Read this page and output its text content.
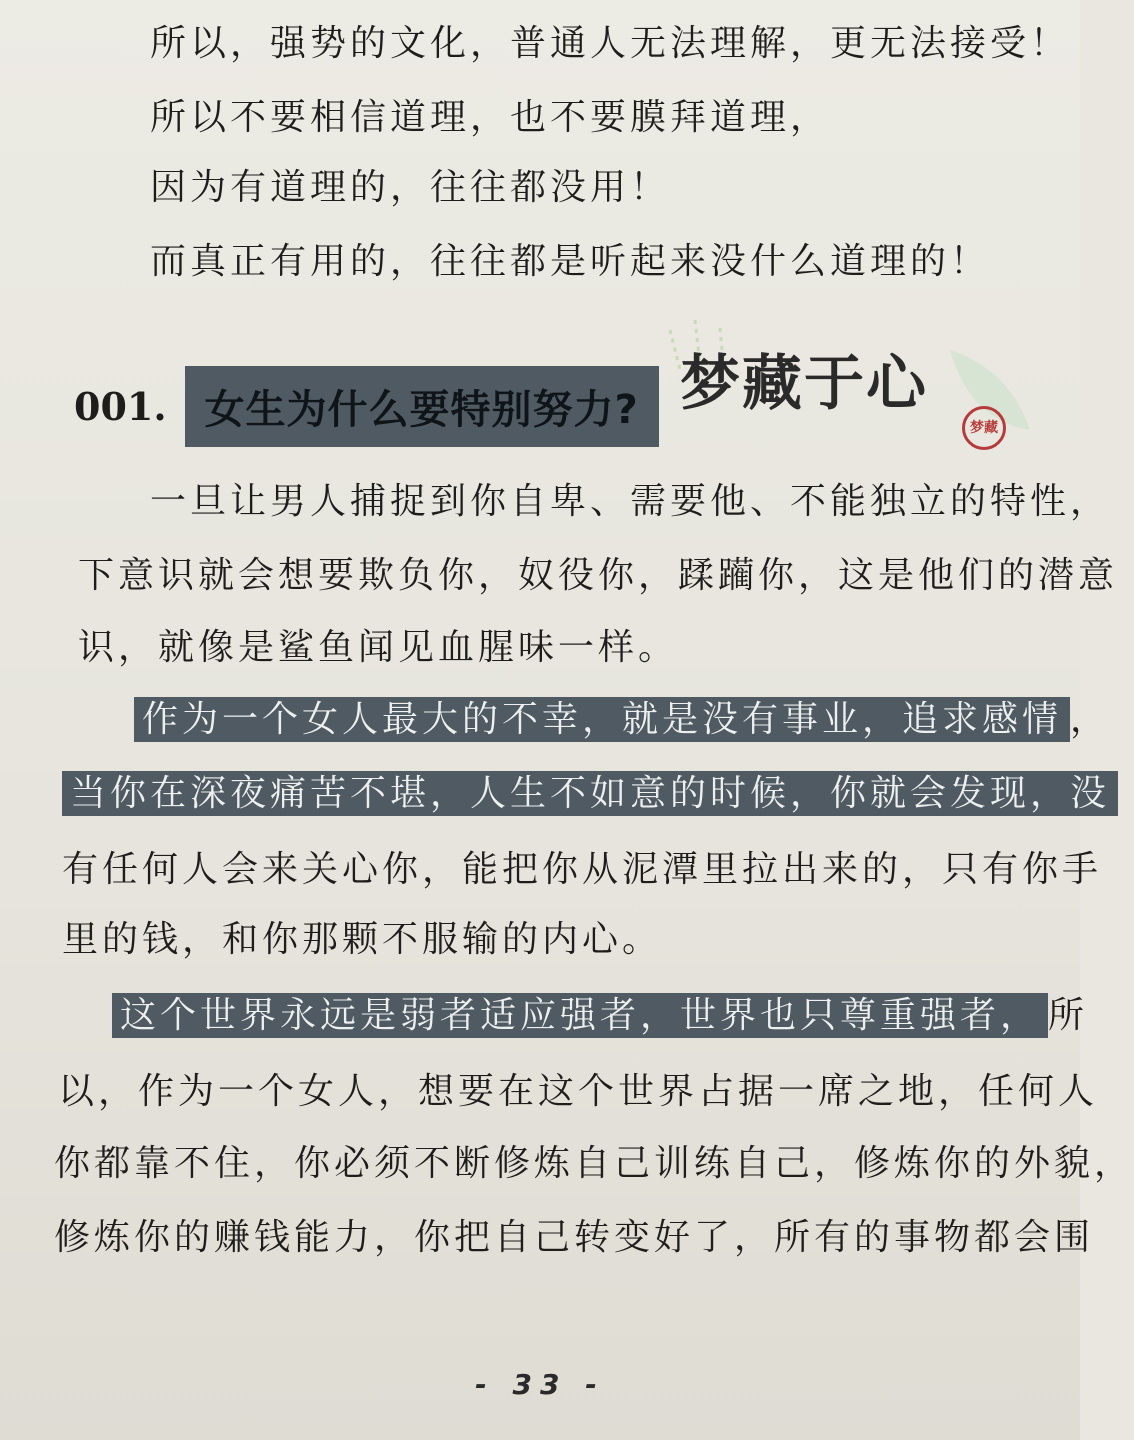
所以，强势的文化，普通人无法理解，更无法接受！
所以不要相信道理，也不要膜拜道理，
因为有道理的，往往都没用！
而真正有用的，往往都是听起来没什么道理的！
梦藏于心
梦藏
001. 女生为什么要特别努力?
一旦让男人捕捉到你自卑、需要他、不能独立的特性，
下意识就会想要欺负你，奴役你，蹂躏你，这是他们的潜意
识，就像是鲨鱼闻见血腥味一样。
作为一个女人最大的不幸，就是没有事业，追求感情 ，
当你在深夜痛苦不堪，人生不如意的时候，你就会发现，没
有任何人会来关心你，能把你从泥潭里拉出来的，只有你手
里的钱，和你那颗不服输的内心。
这个世界永远是弱者适应强者，世界也只尊重强者， 所
以，作为一个女人，想要在这个世界占据一席之地，任何人
你都靠不住，你必须不断修炼自己训练自己，修炼你的外貌，
修炼你的赚钱能力，你把自己转变好了，所有的事物都会围
- 33 -
